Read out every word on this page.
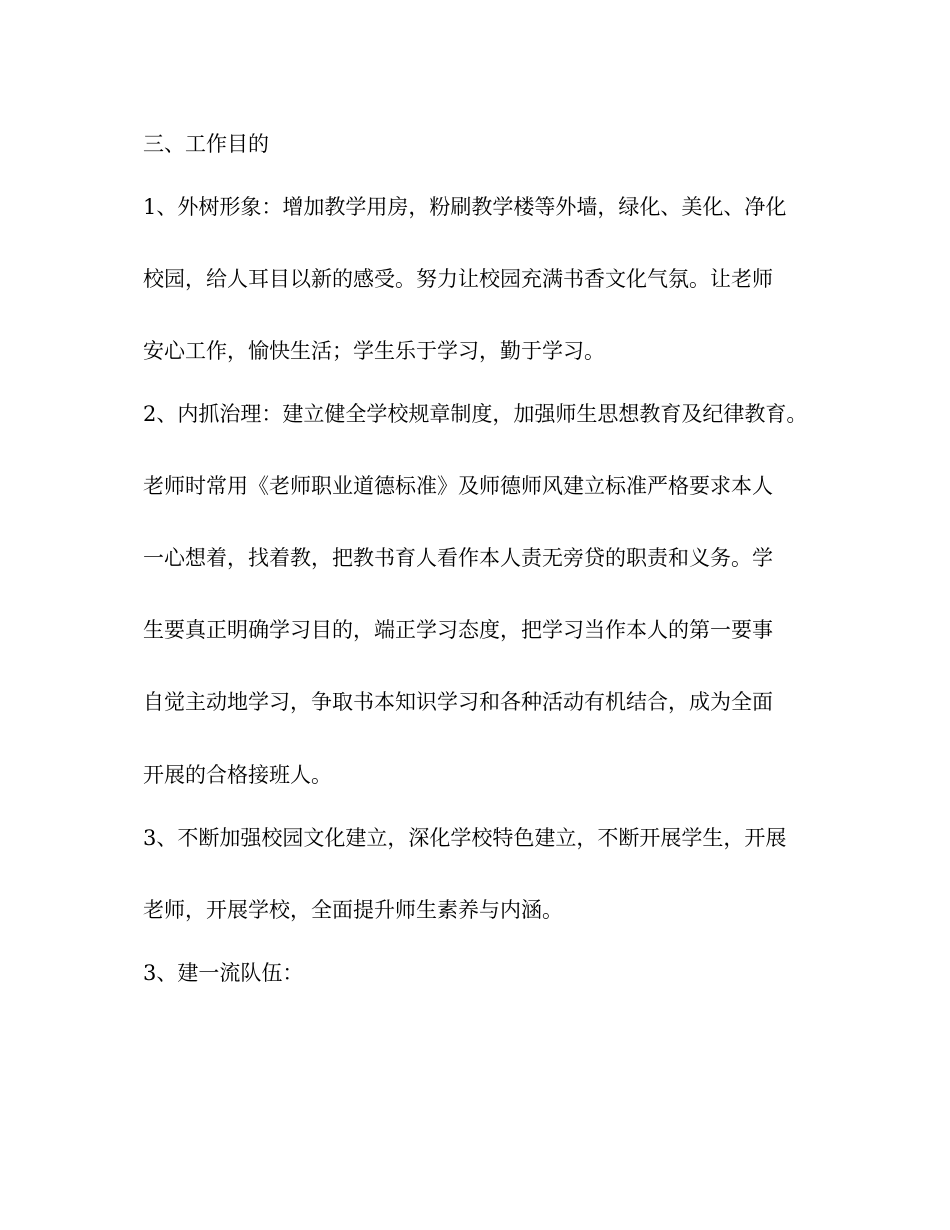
三、工作目的

1、外树形象：增加教学用房，粉刷教学楼等外墙，绿化、美化、净化

校园，给人耳目以新的感受。努力让校园充满书香文化气氛。让老师

安心工作，愉快生活；学生乐于学习，勤于学习。

2、内抓治理：建立健全学校规章制度，加强师生思想教育及纪律教育。

老师时常用《老师职业道德标准》及师德师风建立标准严格要求本人

一心想着，找着教，把教书育人看作本人责无旁贷的职责和义务。学

生要真正明确学习目的，端正学习态度，把学习当作本人的第一要事

自觉主动地学习，争取书本知识学习和各种活动有机结合，成为全面

开展的合格接班人。

3、不断加强校园文化建立，深化学校特色建立，不断开展学生，开展

老师，开展学校，全面提升师生素养与内涵。

3、建一流队伍：
